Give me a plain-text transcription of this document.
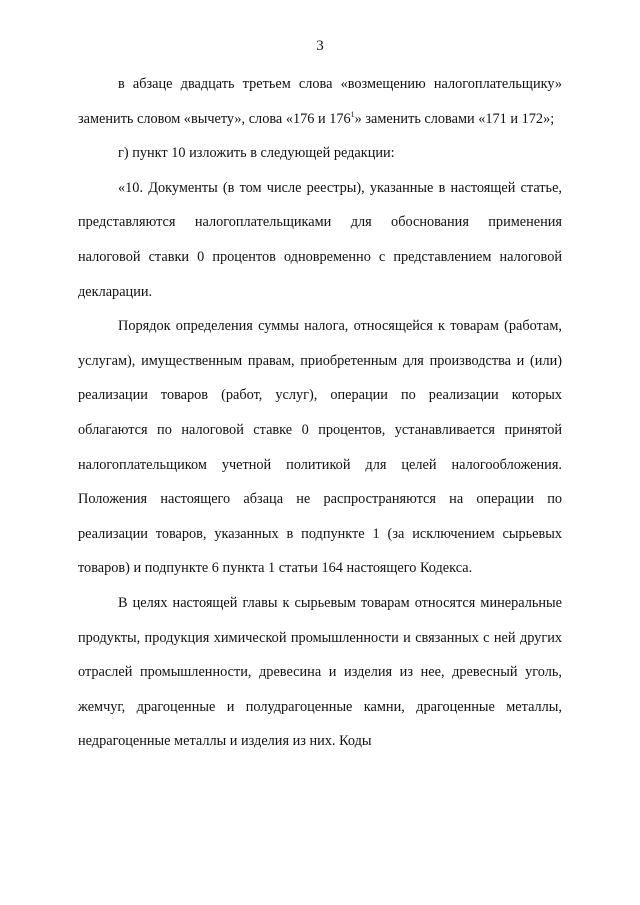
3

в абзаце двадцать третьем слова «возмещению налогоплательщику» заменить словом «вычету», слова «176 и $176^1$» заменить словами «171 и 172»;

г) пункт 10 изложить в следующей редакции:

«10. Документы (в том числе реестры), указанные в настоящей статье, представляются налогоплательщиками для обоснования применения налоговой ставки 0 процентов одновременно с представлением налоговой декларации.

Порядок определения суммы налога, относящейся к товарам (работам, услугам), имущественным правам, приобретенным для производства и (или) реализации товаров (работ, услуг), операции по реализации которых облагаются по налоговой ставке 0 процентов, устанавливается принятой налогоплательщиком учетной политикой для целей налогообложения. Положения настоящего абзаца не распространяются на операции по реализации товаров, указанных в подпункте 1 (за исключением сырьевых товаров) и подпункте 6 пункта 1 статьи 164 настоящего Кодекса.

В целях настоящей главы к сырьевым товарам относятся минеральные продукты, продукция химической промышленности и связанных с ней других отраслей промышленности, древесина и изделия из нее, древесный уголь, жемчуг, драгоценные и полудрагоценные камни, драгоценные металлы, недрагоценные металлы и изделия из них. Коды
